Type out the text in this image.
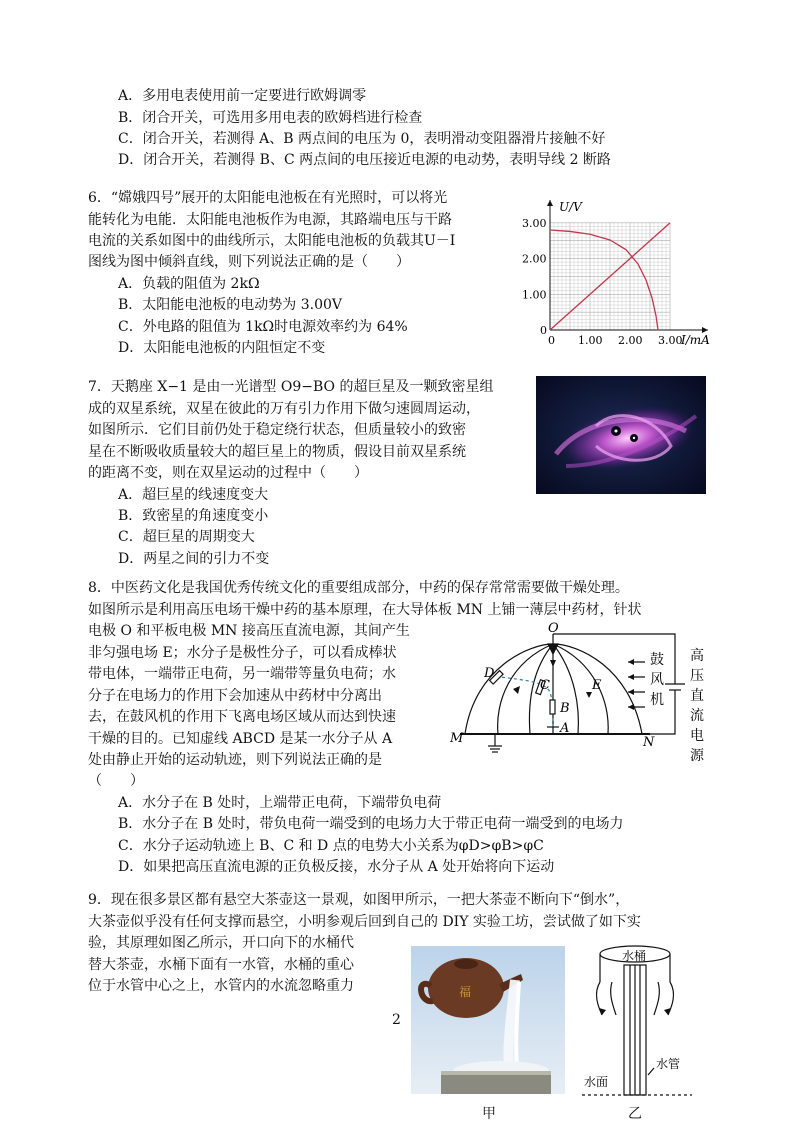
A．多用电表使用前一定要进行欧姆调零
B．闭合开关，可选用多用电表的欧姆档进行检查
C．闭合开关，若测得 A、B 两点间的电压为 0，表明滑动变阻器滑片接触不好
D．闭合开关，若测得 B、C 两点间的电压接近电源的电动势，表明导线 2 断路
6．“嫦娥四号”展开的太阳能电池板在有光照时，可以将光
能转化为电能．太阳能电池板作为电源，其路端电压与干路
电流的关系如图中的曲线所示，太阳能电池板的负载其U－I
图线为图中倾斜直线，则下列说法正确的是（　　）
A．负载的阻值为 2kΩ
B．太阳能电池板的电动势为 3.00V
C．外电路的阻值为 1kΩ时电源效率约为 64%
D．太阳能电池板的内阻恒定不变	0 1.00 2.00 3.00
0
1.00
2.00
3.00
U/V
I/mA
7．天鹅座 X−1 是由一光谱型 O9−BO 的超巨星及一颗致密星组
成的双星系统，双星在彼此的万有引力作用下做匀速圆周运动，
如图所示．它们目前仍处于稳定绕行状态，但质量较小的致密
星在不断吸收质量较大的超巨星上的物质，假设目前双星系统
的距离不变，则在双星运动的过程中（　　）
A．超巨星的线速度变大
B．致密星的角速度变小
C．超巨星的周期变大
D．两星之间的引力不变
8．中医药文化是我国优秀传统文化的重要组成部分，中药的保存常常需要做干燥处理。
如图所示是利用高压电场干燥中药的基本原理，在大导体板 MN 上铺一薄层中药材，针状
电极 O 和平板电极 MN 接高压直流电源，其间产生
非匀强电场 E；水分子是极性分子，可以看成棒状
带电体，一端带正电荷，另一端带等量负电荷；水
分子在电场力的作用下会加速从中药材中分离出
去，在鼓风机的作用下飞离电场区域从而达到快速
干燥的目的。已知虚线 ABCD 是某一水分子从 A
处由静止开始的运动轨迹，则下列说法正确的是
（　　）
A．水分子在 B 处时，上端带正电荷，下端带负电荷
B．水分子在 B 处时，带负电荷一端受到的电场力大于带正电荷一端受到的电场力
C．水分子运动轨迹上 B、C 和 D 点的电势大小关系为φD>φB>φC
D．如果把高压直流电源的正负极反接，水分子从 A 处开始将向下运动
O
D
C	E
B
A
M	N
鼓
风
机
高
压
直
流
电
源
9．现在很多景区都有悬空大茶壶这一景观，如图甲所示，一把大茶壶不断向下“倒水”，
大茶壶似乎没有任何支撑而悬空，小明参观后回到自己的 DIY 实验工坊，尝试做了如下实
验，其原理如图乙所示，开口向下的水桶代
替大茶壶，水桶下面有一水管，水桶的重心
位于水管中心之上，水管内的水流忽略重力
2
福
甲
水桶
水管
水面
乙
